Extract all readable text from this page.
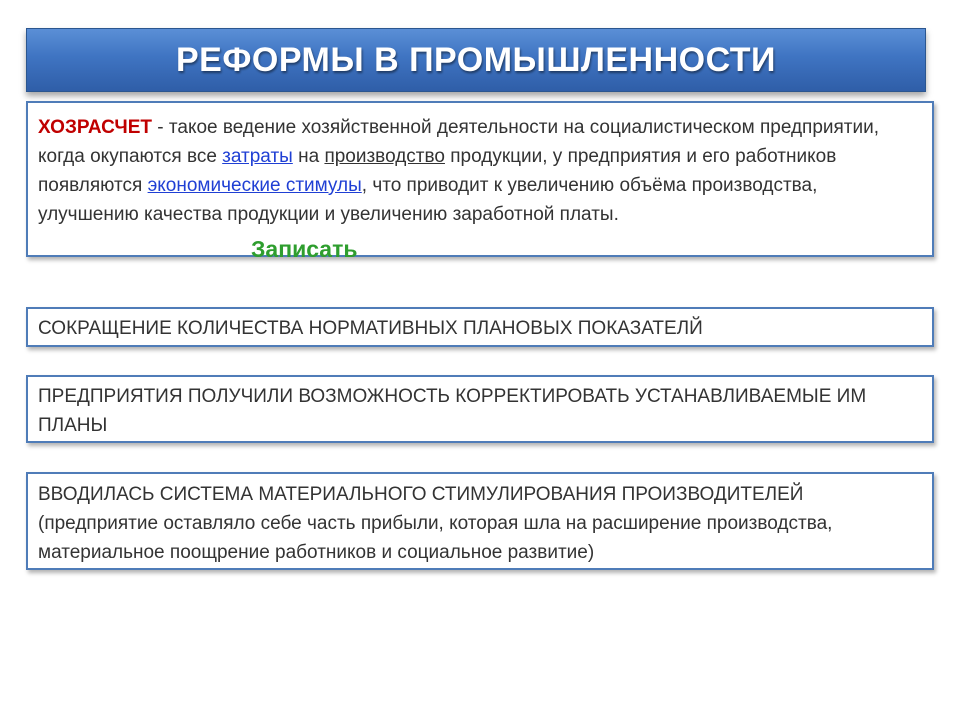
РЕФОРМЫ В ПРОМЫШЛЕННОСТИ
ХОЗРАСЧЕТ - такое ведение хозяйственной деятельности на социалистическом предприятии, когда окупаются все затраты на производство продукции, у предприятия и его работников появляются экономические стимулы, что приводит к увеличению объёма производства, улучшению качества продукции и увеличению заработной платы.
Записать
СОКРАЩЕНИЕ КОЛИЧЕСТВА НОРМАТИВНЫХ ПЛАНОВЫХ ПОКАЗАТЕЛЙ
ПРЕДПРИЯТИЯ ПОЛУЧИЛИ ВОЗМОЖНОСТЬ КОРРЕКТИРОВАТЬ УСТАНАВЛИВАЕМЫЕ ИМ ПЛАНЫ
ВВОДИЛАСЬ СИСТЕМА МАТЕРИАЛЬНОГО СТИМУЛИРОВАНИЯ ПРОИЗВОДИТЕЛЕЙ
(предприятие оставляло себе часть прибыли, которая шла на расширение производства, материальное поощрение работников и социальное развитие)
